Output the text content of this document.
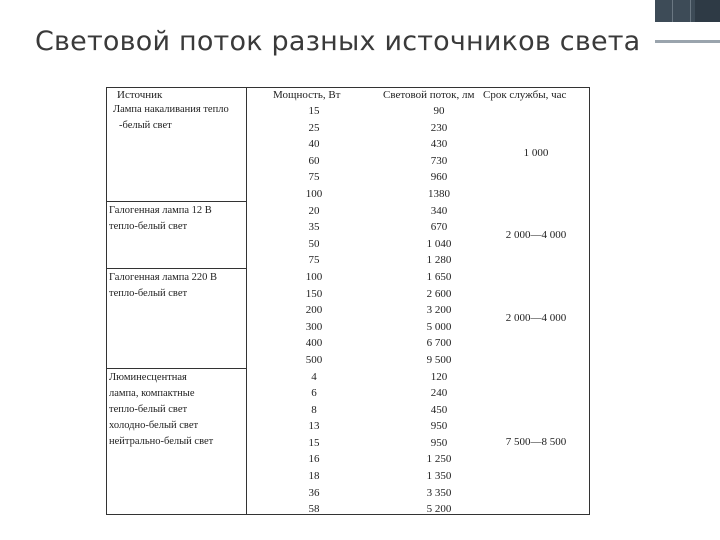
Световой поток разных источников света
Источник	Мощность, Вт	Световой поток, лм Срок службы, час
Лампа накаливания тепло
-белый свет
Галогенная лампа 12 В
тепло-белый свет
Галогенная лампа 220 В
тепло-белый свет
Люминесцентная
лампа, компактные
тепло-белый свет
холодно-белый свет
нейтрально-белый свет
15
25
40
60
75
100
20
35
50
75
100
150
200
300
400
500
4
6
8
13
15
16
18
36
58
90
230
430
730
960
1380
340
670
1 040
1 280
1 650
2 600
3 200
5 000
6 700
9 500
120
240
450
950
950
1 250
1 350
3 350
5 200
1 000
2 000—4 000
2 000—4 000
7 500—8 500
